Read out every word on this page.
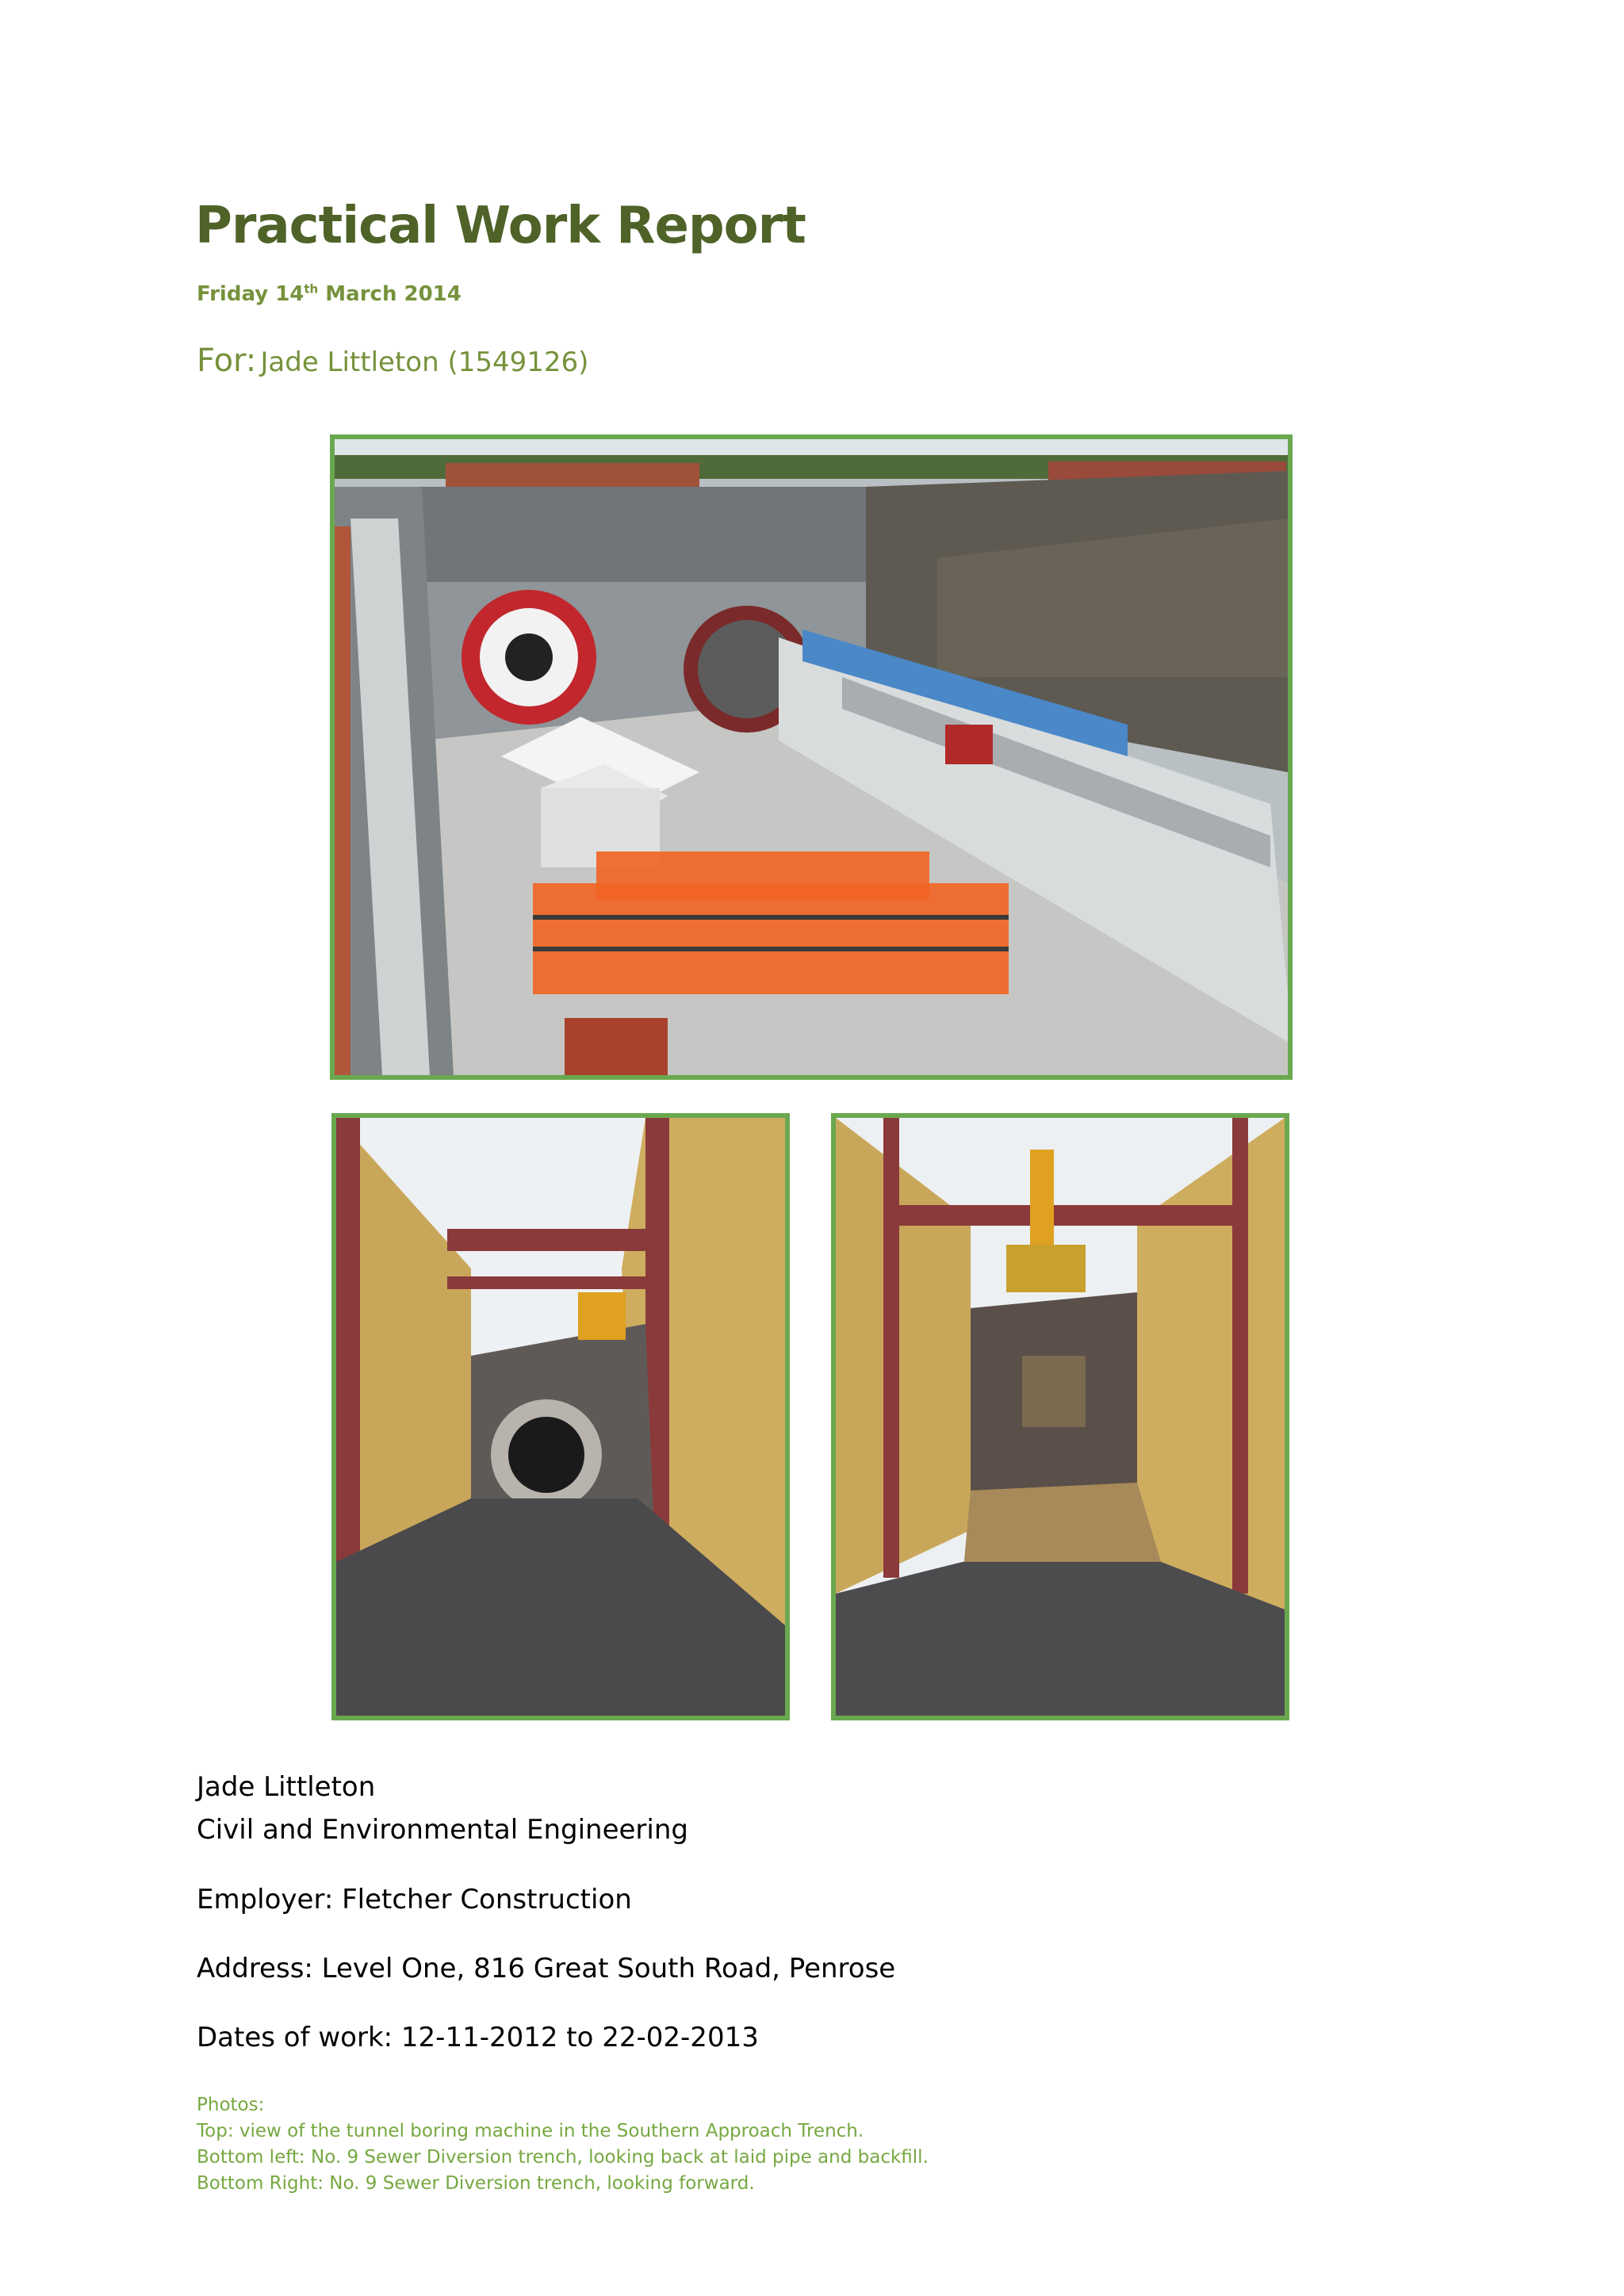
Practical Work Report
Friday 14th March 2014
For: Jade Littleton (1549126)
Jade Littleton
Civil and Environmental Engineering
Employer: Fletcher Construction
Address: Level One, 816 Great South Road, Penrose
Dates of work: 12-11-2012 to 22-02-2013
Photos:
Top: view of the tunnel boring machine in the Southern Approach Trench.
Bottom left: No. 9 Sewer Diversion trench, looking back at laid pipe and backfill.
Bottom Right: No. 9 Sewer Diversion trench, looking forward.
